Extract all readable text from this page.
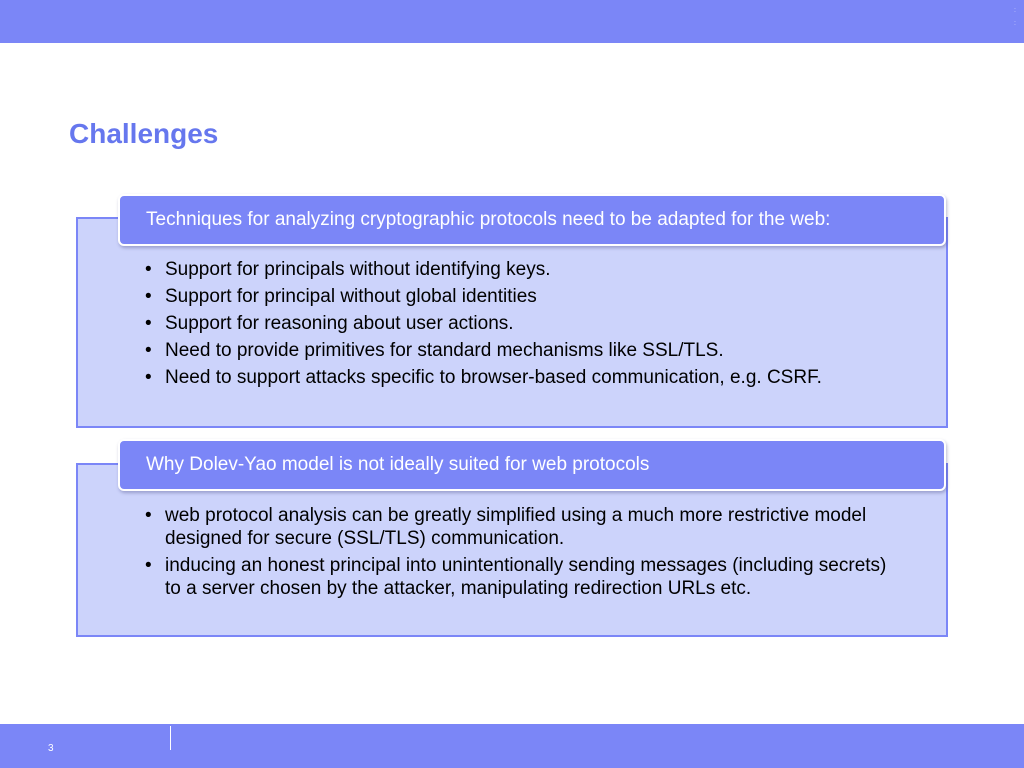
:
:
Challenges
• Support for principals without identifying keys.
• Support for principal without global identities
• Support for reasoning about user actions.
• Need to provide primitives for standard mechanisms like SSL/TLS.
• Need to support attacks specific to browser-based communication, e.g. CSRF.
Techniques for analyzing cryptographic protocols need to be adapted for the web:
• web protocol analysis can be greatly simplified using a much more restrictive model designed for secure (SSL/TLS) communication.
• inducing an honest principal into unintentionally sending messages (including secrets) to a server chosen by the attacker, manipulating redirection URLs etc.
Why Dolev-Yao model is not ideally suited for web protocols
3
